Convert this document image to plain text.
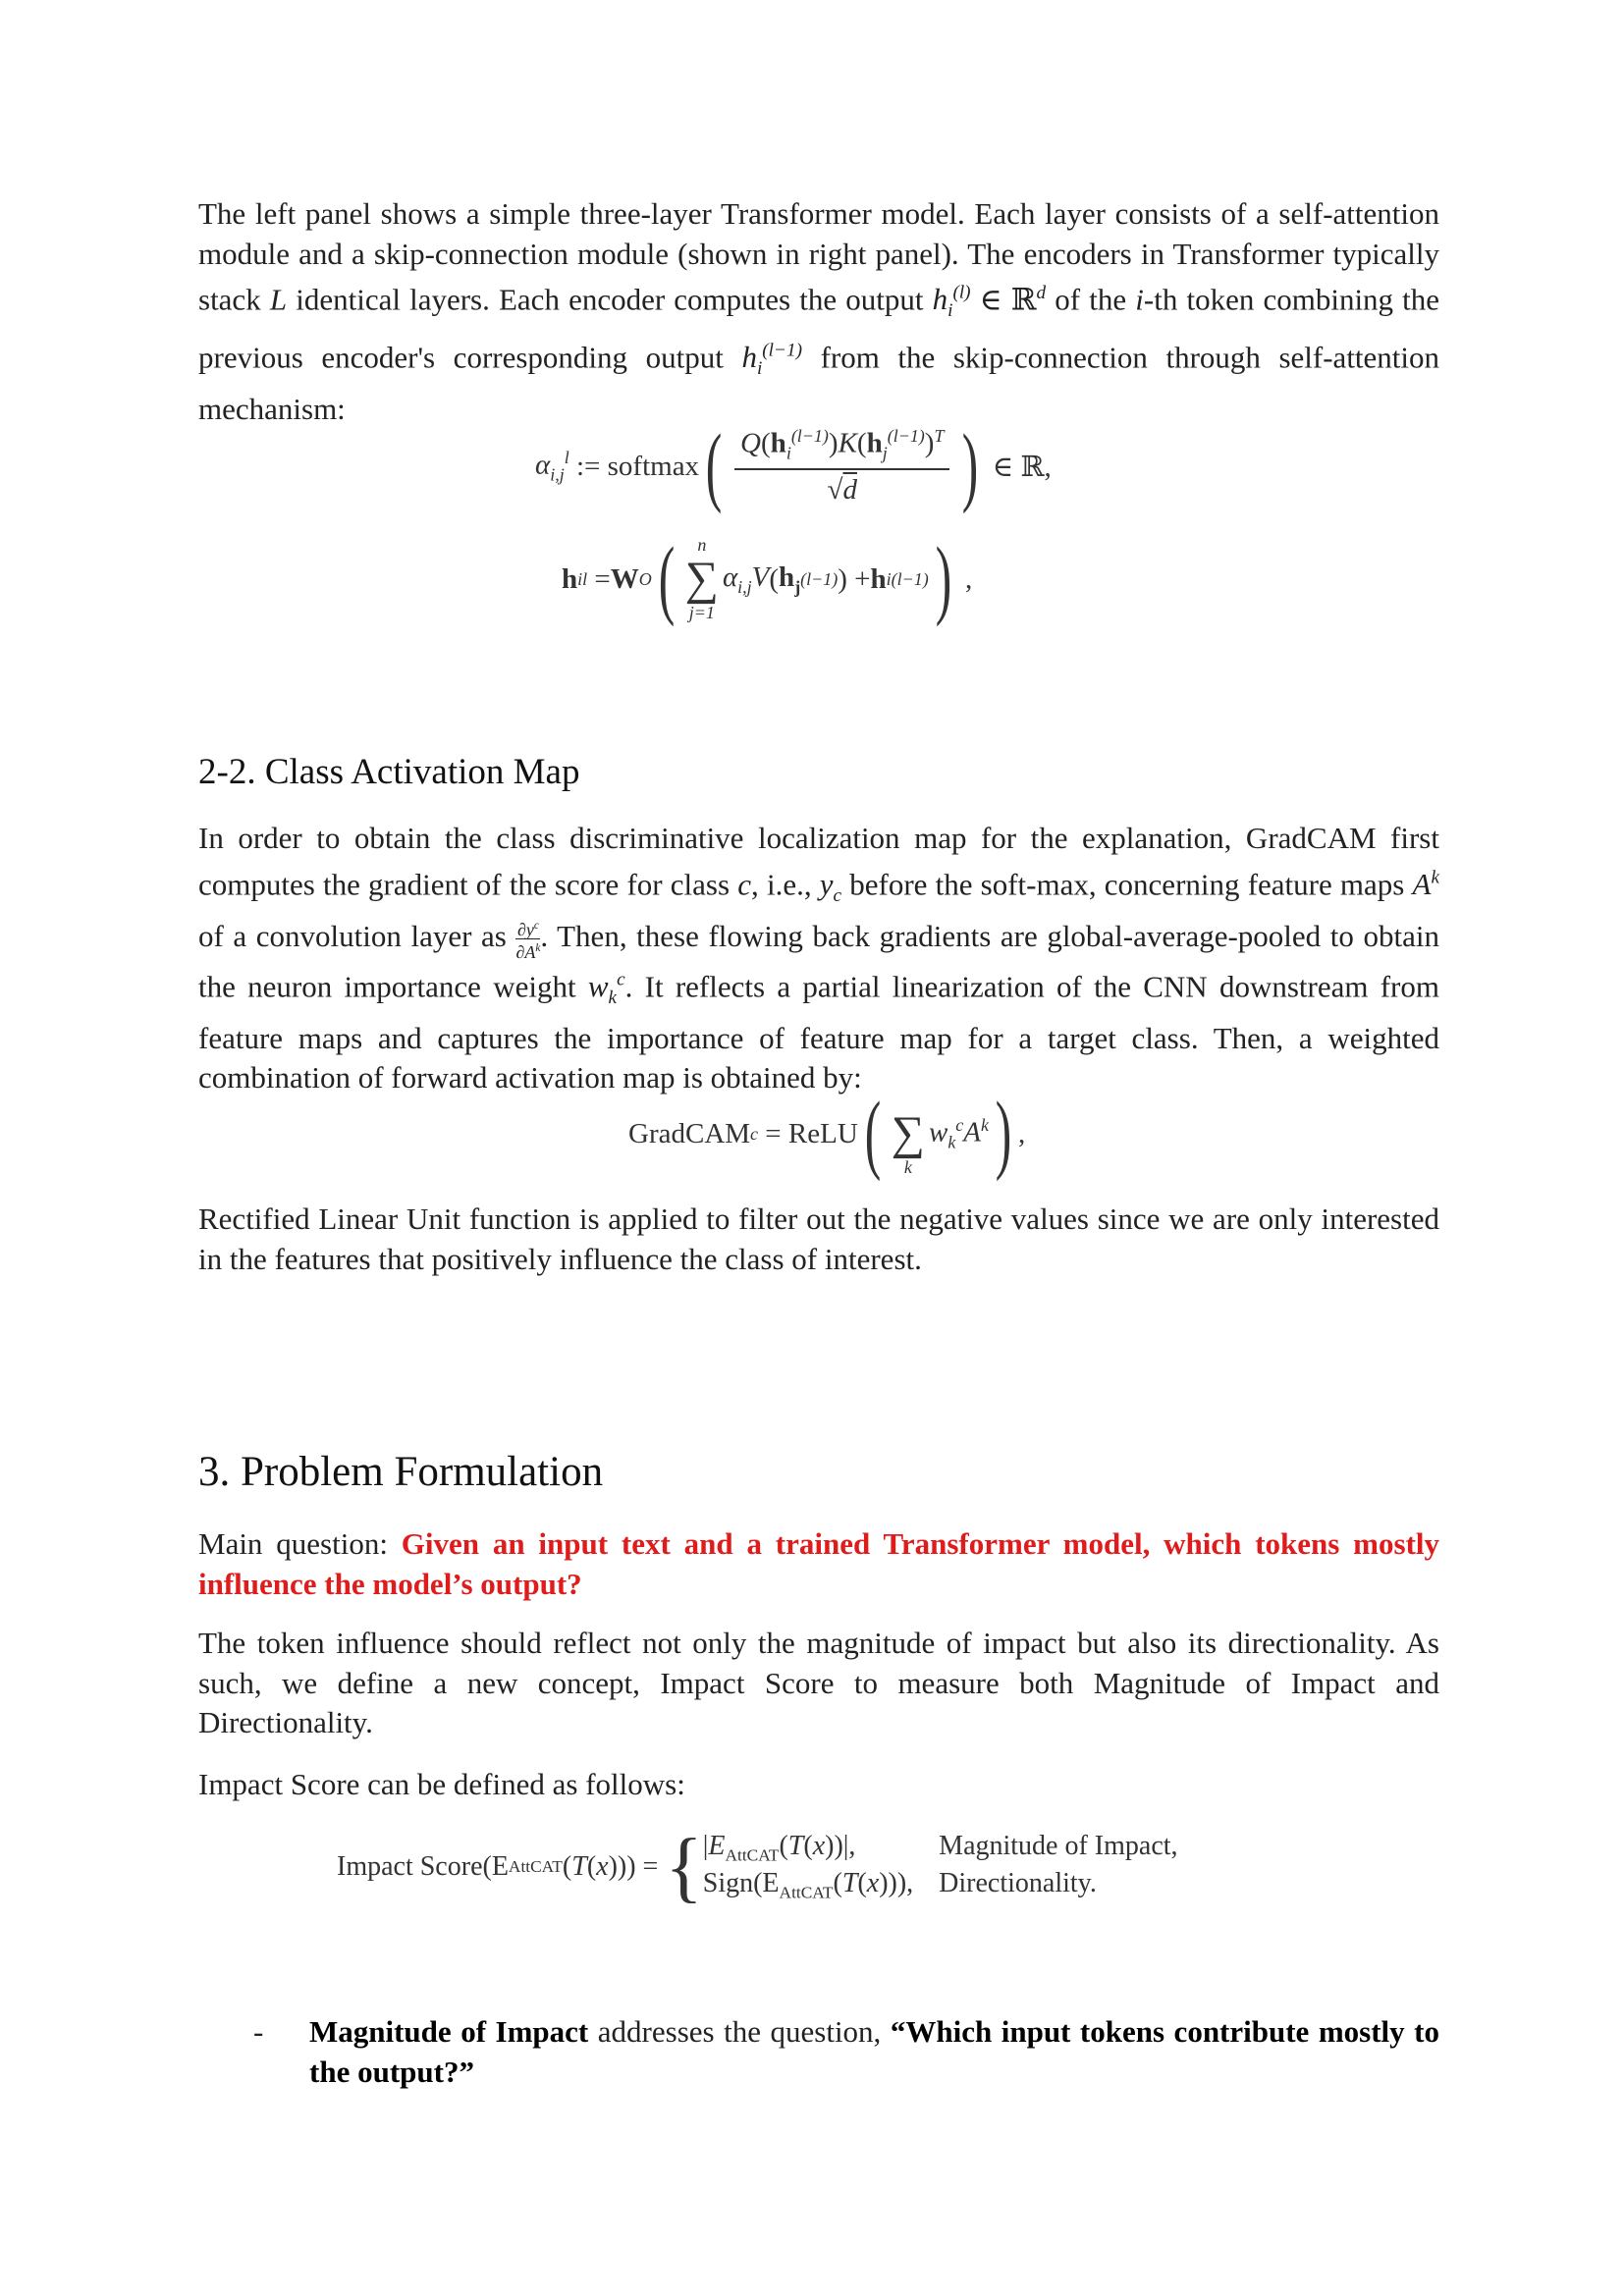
The left panel shows a simple three-layer Transformer model. Each layer consists of a self-attention module and a skip-connection module (shown in right panel). The encoders in Transformer typically stack L identical layers. Each encoder computes the output $h_i^{(l)}$ ∈ ℝ$^d$ of the i-th token combining the previous encoder's corresponding output $h_i^{(l-1)}$ from the skip-connection through self-attention mechanism:

$\alpha_{i,j}^l$ := softmax ( $\frac{Q(h_i^{(l-1)})K(h_j^{(l-1)})^T}{√d}$ ) ∈ ℝ,
h i l = W O ( n
∑
j=1
$\alpha_{i,j}V$ ( $h_j$ (l−1) ) + h i (l−1) )
,
2-2. Class Activation Map

In order to obtain the class discriminative localization map for the explanation, GradCAM first computes the gradient of the score for class c, i.e., $y_c$ before the soft-max, concerning feature maps $A^k$ of a convolution layer as $\frac{\partial y^c}{\partial A^k}$ . Then, these flowing back gradients are global-average-pooled to obtain the neuron importance weight $w_k^c$. It reflects a partial linearization of the CNN downstream from feature maps and captures the importance of feature map for a target class. Then, a weighted combination of forward activation map is obtained by:

GradCAM c = ReLU (
∑
k
$w_k^cA^k$ ) ,

Rectified Linear Unit function is applied to filter out the negative values since we are only interested in the features that positively influence the class of interest.

3. Problem Formulation

Main question: Given an input text and a trained Transformer model, which tokens mostly influence the model’s output?

The token influence should reflect not only the magnitude of impact but also its directionality. As such, we define a new concept, Impact Score to measure both Magnitude of Impact and Directionality.

Impact Score can be defined as follows:

Impact Score(E AttCAT ( T ( x ))) = { $|E_{AttCAT}(T(x))|$,	Magnitude of Impact,
$Sign(E_{AttCAT}(T(x)))$, Directionality.
- Magnitude of Impact addresses the question, “Which input tokens contribute mostly to the output?”
